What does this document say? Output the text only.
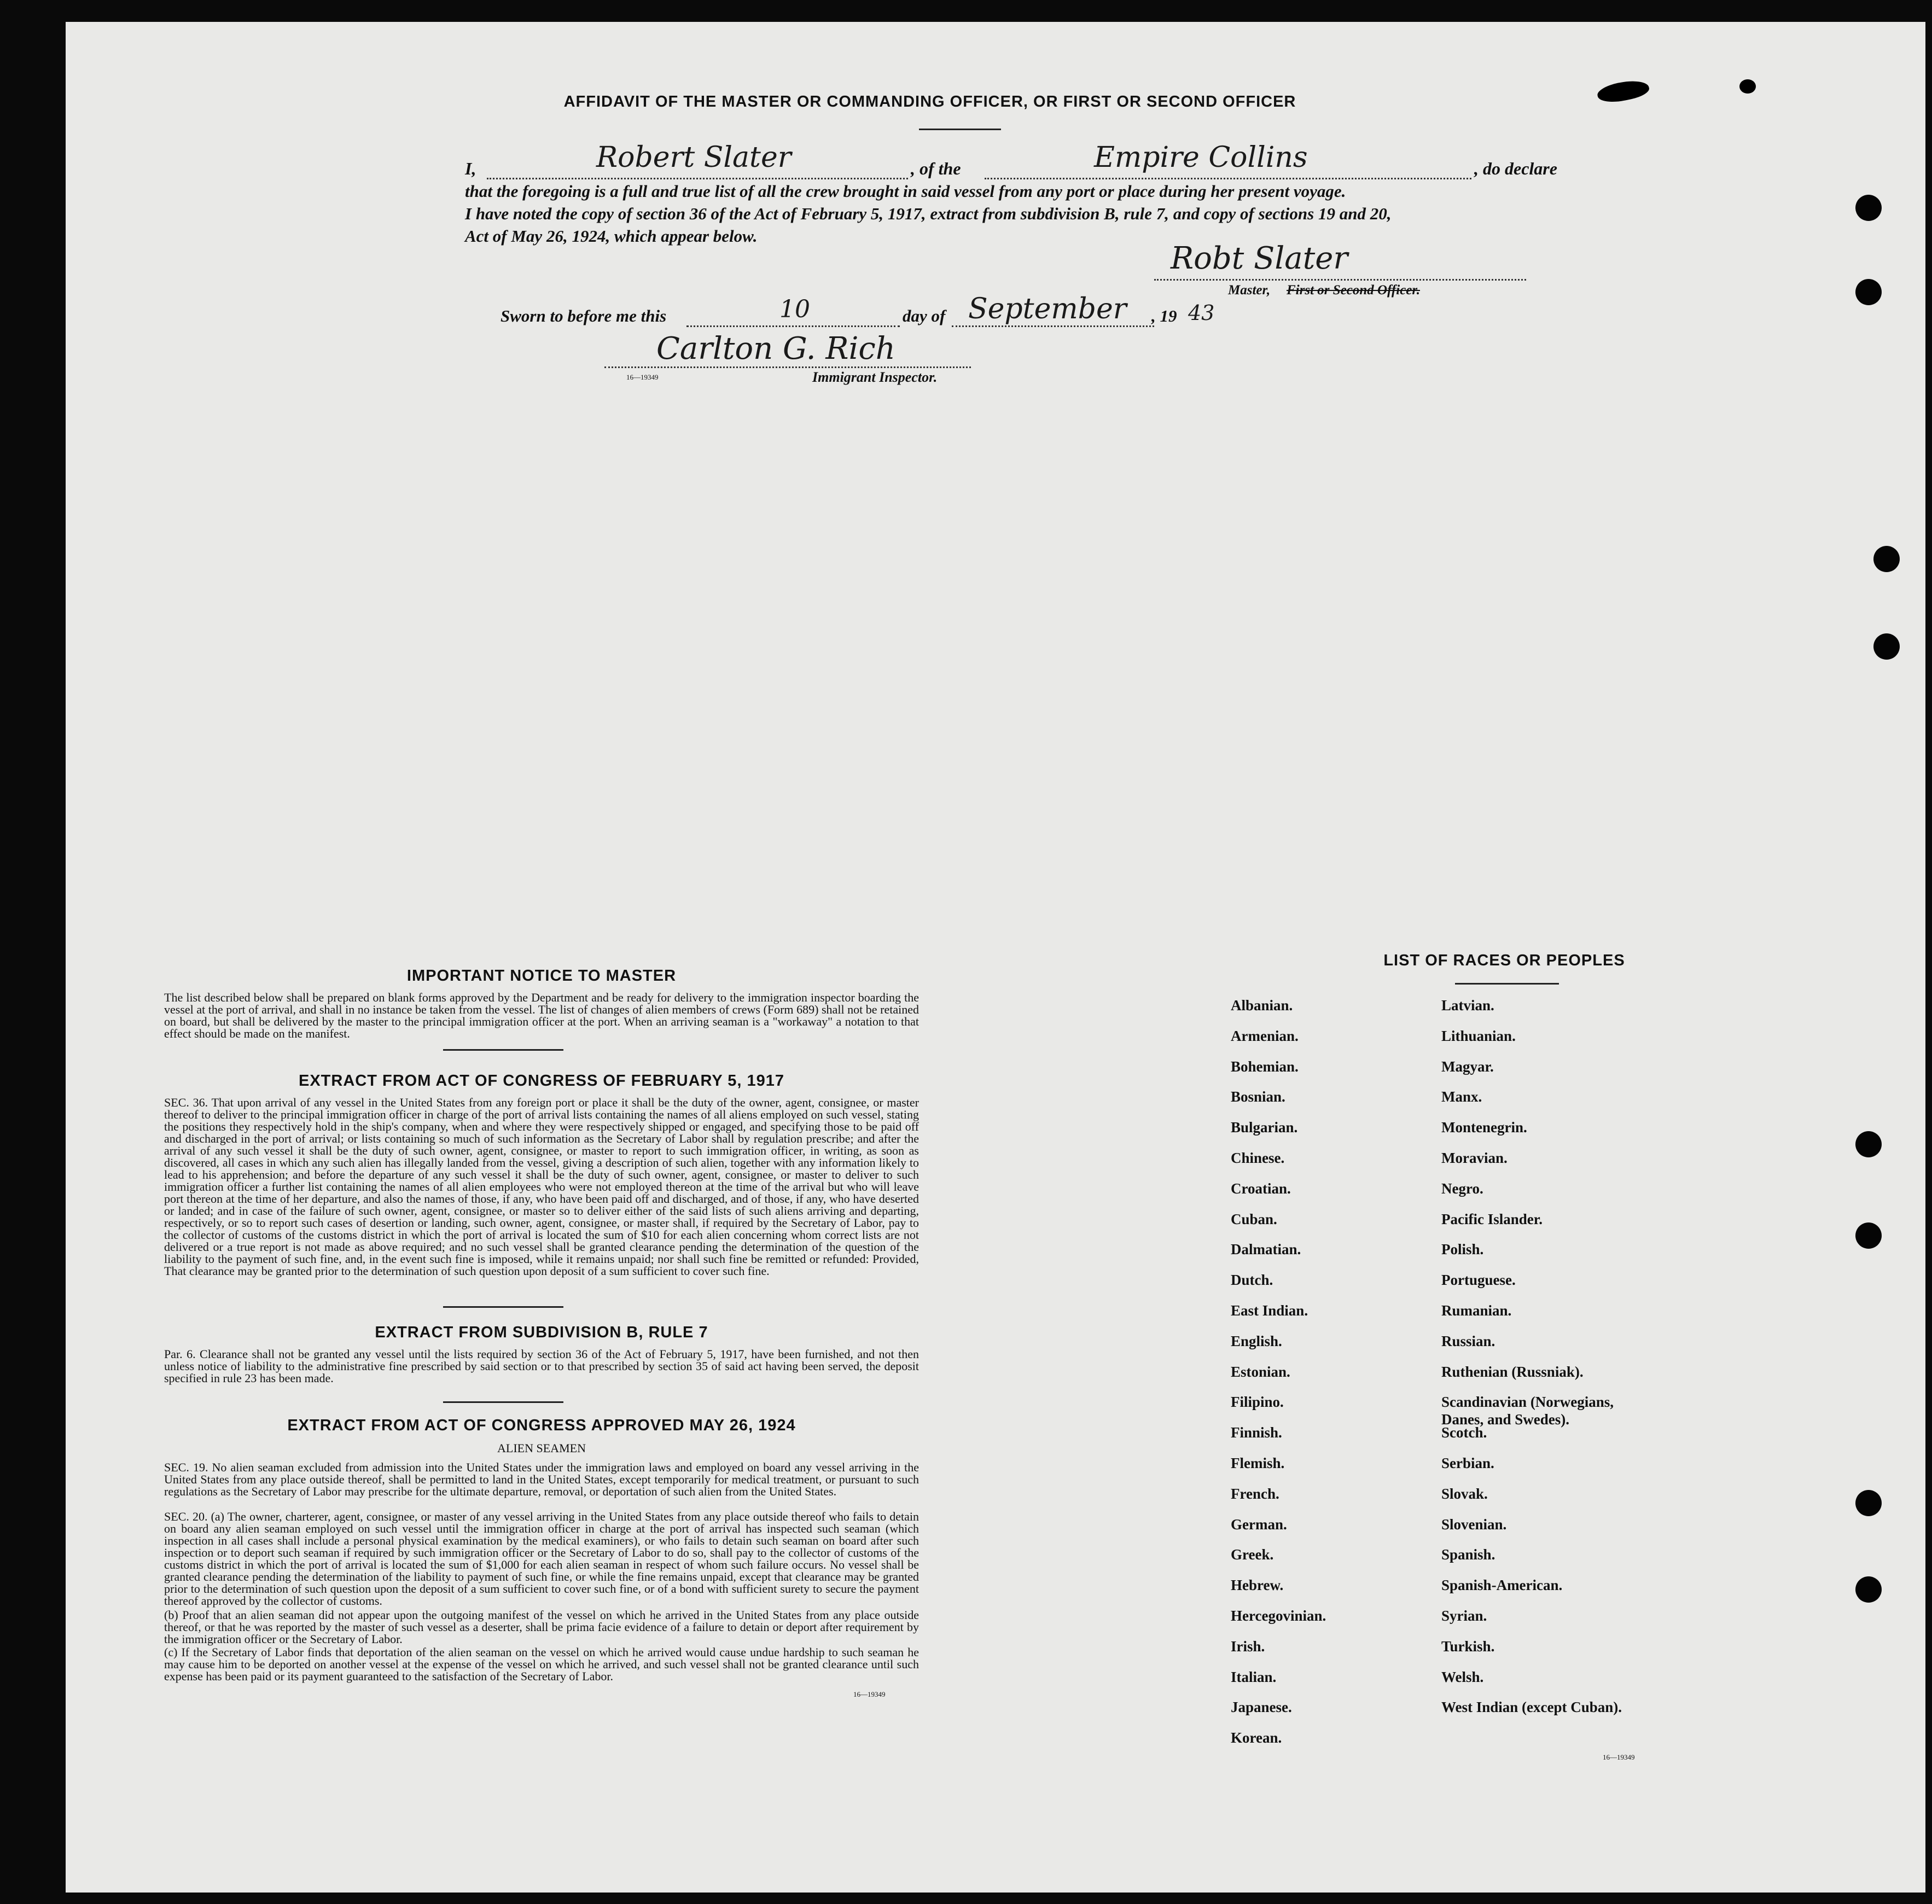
AFFIDAVIT OF THE MASTER OR COMMANDING OFFICER, OR FIRST OR SECOND OFFICER
I,	Robert Slater	, of the	Empire Collins	, do declare
that the foregoing is a full and true list of all the crew brought in said vessel from any port or place during her present voyage.
I have noted the copy of section 36 of the Act of February 5, 1917, extract from subdivision B, rule 7, and copy of sections 19 and 20,
Act of May 26, 1924, which appear below.
Robt Slater
Master, First or Second Officer.
Sworn to before me this	10	day of September , 19 43
Carlton G. Rich
16—19349	Immigrant Inspector.
IMPORTANT NOTICE TO MASTER
The list described below shall be prepared on blank forms approved by the Department and be ready for delivery to the immigration inspector boarding the vessel at the port of arrival, and shall in no instance be taken from the vessel. The list of changes of alien members of crews (Form 689) shall not be retained on board, but shall be delivered by the master to the principal immigration officer at the port. When an arriving seaman is a "workaway" a notation to that effect should be made on the manifest.
EXTRACT FROM ACT OF CONGRESS OF FEBRUARY 5, 1917
SEC. 36. That upon arrival of any vessel in the United States from any foreign port or place it shall be the duty of the owner, agent, consignee, or master thereof to deliver to the principal immigration officer in charge of the port of arrival lists containing the names of all aliens employed on such vessel, stating the positions they respectively hold in the ship's company, when and where they were respectively shipped or engaged, and specifying those to be paid off and discharged in the port of arrival; or lists containing so much of such information as the Secretary of Labor shall by regulation prescribe; and after the arrival of any such vessel it shall be the duty of such owner, agent, consignee, or master to report to such immigration officer, in writing, as soon as discovered, all cases in which any such alien has illegally landed from the vessel, giving a description of such alien, together with any information likely to lead to his apprehension; and before the departure of any such vessel it shall be the duty of such owner, agent, consignee, or master to deliver to such immigration officer a further list containing the names of all alien employees who were not employed thereon at the time of the arrival but who will leave port thereon at the time of her departure, and also the names of those, if any, who have been paid off and discharged, and of those, if any, who have deserted or landed; and in case of the failure of such owner, agent, consignee, or master so to deliver either of the said lists of such aliens arriving and departing, respectively, or so to report such cases of desertion or landing, such owner, agent, consignee, or master shall, if required by the Secretary of Labor, pay to the collector of customs of the customs district in which the port of arrival is located the sum of $10 for each alien concerning whom correct lists are not delivered or a true report is not made as above required; and no such vessel shall be granted clearance pending the determination of the question of the liability to the payment of such fine, and, in the event such fine is imposed, while it remains unpaid; nor shall such fine be remitted or refunded: Provided, That clearance may be granted prior to the determination of such question upon deposit of a sum sufficient to cover such fine.
EXTRACT FROM SUBDIVISION B, RULE 7
Par. 6. Clearance shall not be granted any vessel until the lists required by section 36 of the Act of February 5, 1917, have been furnished, and not then unless notice of liability to the administrative fine prescribed by said section or to that prescribed by section 35 of said act having been served, the deposit specified in rule 23 has been made.
EXTRACT FROM ACT OF CONGRESS APPROVED MAY 26, 1924
ALIEN SEAMEN
SEC. 19. No alien seaman excluded from admission into the United States under the immigration laws and employed on board any vessel arriving in the United States from any place outside thereof, shall be permitted to land in the United States, except temporarily for medical treatment, or pursuant to such regulations as the Secretary of Labor may prescribe for the ultimate departure, removal, or deportation of such alien from the United States.
SEC. 20. (a) The owner, charterer, agent, consignee, or master of any vessel arriving in the United States from any place outside thereof who fails to detain on board any alien seaman employed on such vessel until the immigration officer in charge at the port of arrival has inspected such seaman (which inspection in all cases shall include a personal physical examination by the medical examiners), or who fails to detain such seaman on board after such inspection or to deport such seaman if required by such immigration officer or the Secretary of Labor to do so, shall pay to the collector of customs of the customs district in which the port of arrival is located the sum of $1,000 for each alien seaman in respect of whom such failure occurs. No vessel shall be granted clearance pending the determination of the liability to payment of such fine, or while the fine remains unpaid, except that clearance may be granted prior to the determination of such question upon the deposit of a sum sufficient to cover such fine, or of a bond with sufficient surety to secure the payment thereof approved by the collector of customs.
(b) Proof that an alien seaman did not appear upon the outgoing manifest of the vessel on which he arrived in the United States from any place outside thereof, or that he was reported by the master of such vessel as a deserter, shall be prima facie evidence of a failure to detain or deport after requirement by the immigration officer or the Secretary of Labor.
(c) If the Secretary of Labor finds that deportation of the alien seaman on the vessel on which he arrived would cause undue hardship to such seaman he may cause him to be deported on another vessel at the expense of the vessel on which he arrived, and such vessel shall not be granted clearance until such expense has been paid or its payment guaranteed to the satisfaction of the Secretary of Labor.
16—19349
LIST OF RACES OR PEOPLES
Albanian.
Armenian.
Bohemian.
Bosnian.
Bulgarian.
Chinese.
Croatian.
Cuban.
Dalmatian.
Dutch.
East Indian.
English.
Estonian.
Filipino.
Finnish.
Flemish.
French.
German.
Greek.
Hebrew.
Hercegovinian.
Irish.
Italian.
Japanese.
Korean.
Latvian.
Lithuanian.
Magyar.
Manx.
Montenegrin.
Moravian.
Negro.
Pacific Islander.
Polish.
Portuguese.
Rumanian.
Russian.
Ruthenian (Russniak).
Scandinavian (Norwegians,
Danes, and Swedes).
Scotch.
Serbian.
Slovak.
Slovenian.
Spanish.
Spanish-American.
Syrian.
Turkish.
Welsh.
West Indian (except Cuban).
16—19349
